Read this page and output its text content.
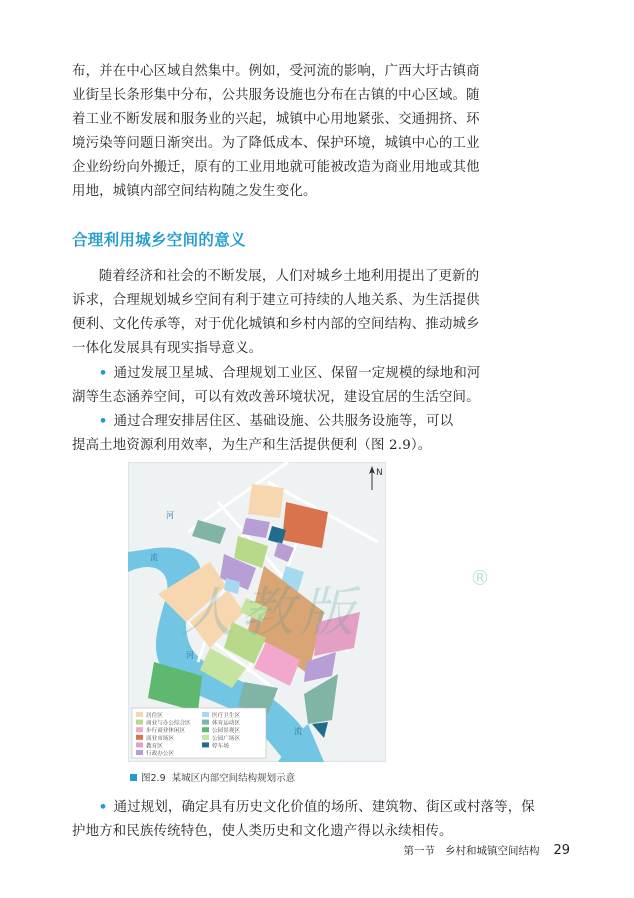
布，并在中心区域自然集中。例如，受河流的影响，广西大圩古镇商
业街呈长条形集中分布，公共服务设施也分布在古镇的中心区域。随
着工业不断发展和服务业的兴起，城镇中心用地紧张、交通拥挤、环
境污染等问题日渐突出。为了降低成本、保护环境，城镇中心的工业
企业纷纷向外搬迁，原有的工业用地就可能被改造为商业用地或其他
用地，城镇内部空间结构随之发生变化。
合理利用城乡空间的意义
随着经济和社会的不断发展，人们对城乡土地利用提出了更新的
诉求，合理规划城乡空间有利于建立可持续的人地关系、为生活提供
便利、文化传承等，对于优化城镇和乡村内部的空间结构、推动城乡
一体化发展具有现实指导意义。
• 通过发展卫星城、合理规划工业区、保留一定规模的绿地和河
湖等生态涵养空间，可以有效改善环境状况，建设宜居的生活空间。
• 通过合理安排居住区、基础设施、公共服务设施等，可以
提高土地资源利用效率，为生产和生活提供便利（图 2.9）。
N
河
流
河
流
居住区
商业与办公综合区
步行商业休闲区
商业市场区
教育区
行政办公区
医疗卫生区
体育运动区
公园景观区
公园广场区
停车场
图2.9 某城区内部空间结构规划示意
人教版
®
• 通过规划，确定具有历史文化价值的场所、建筑物、街区或村落等，保
护地方和民族传统特色，使人类历史和文化遗产得以永续相传。
第一节 乡村和城镇空间结构 29
